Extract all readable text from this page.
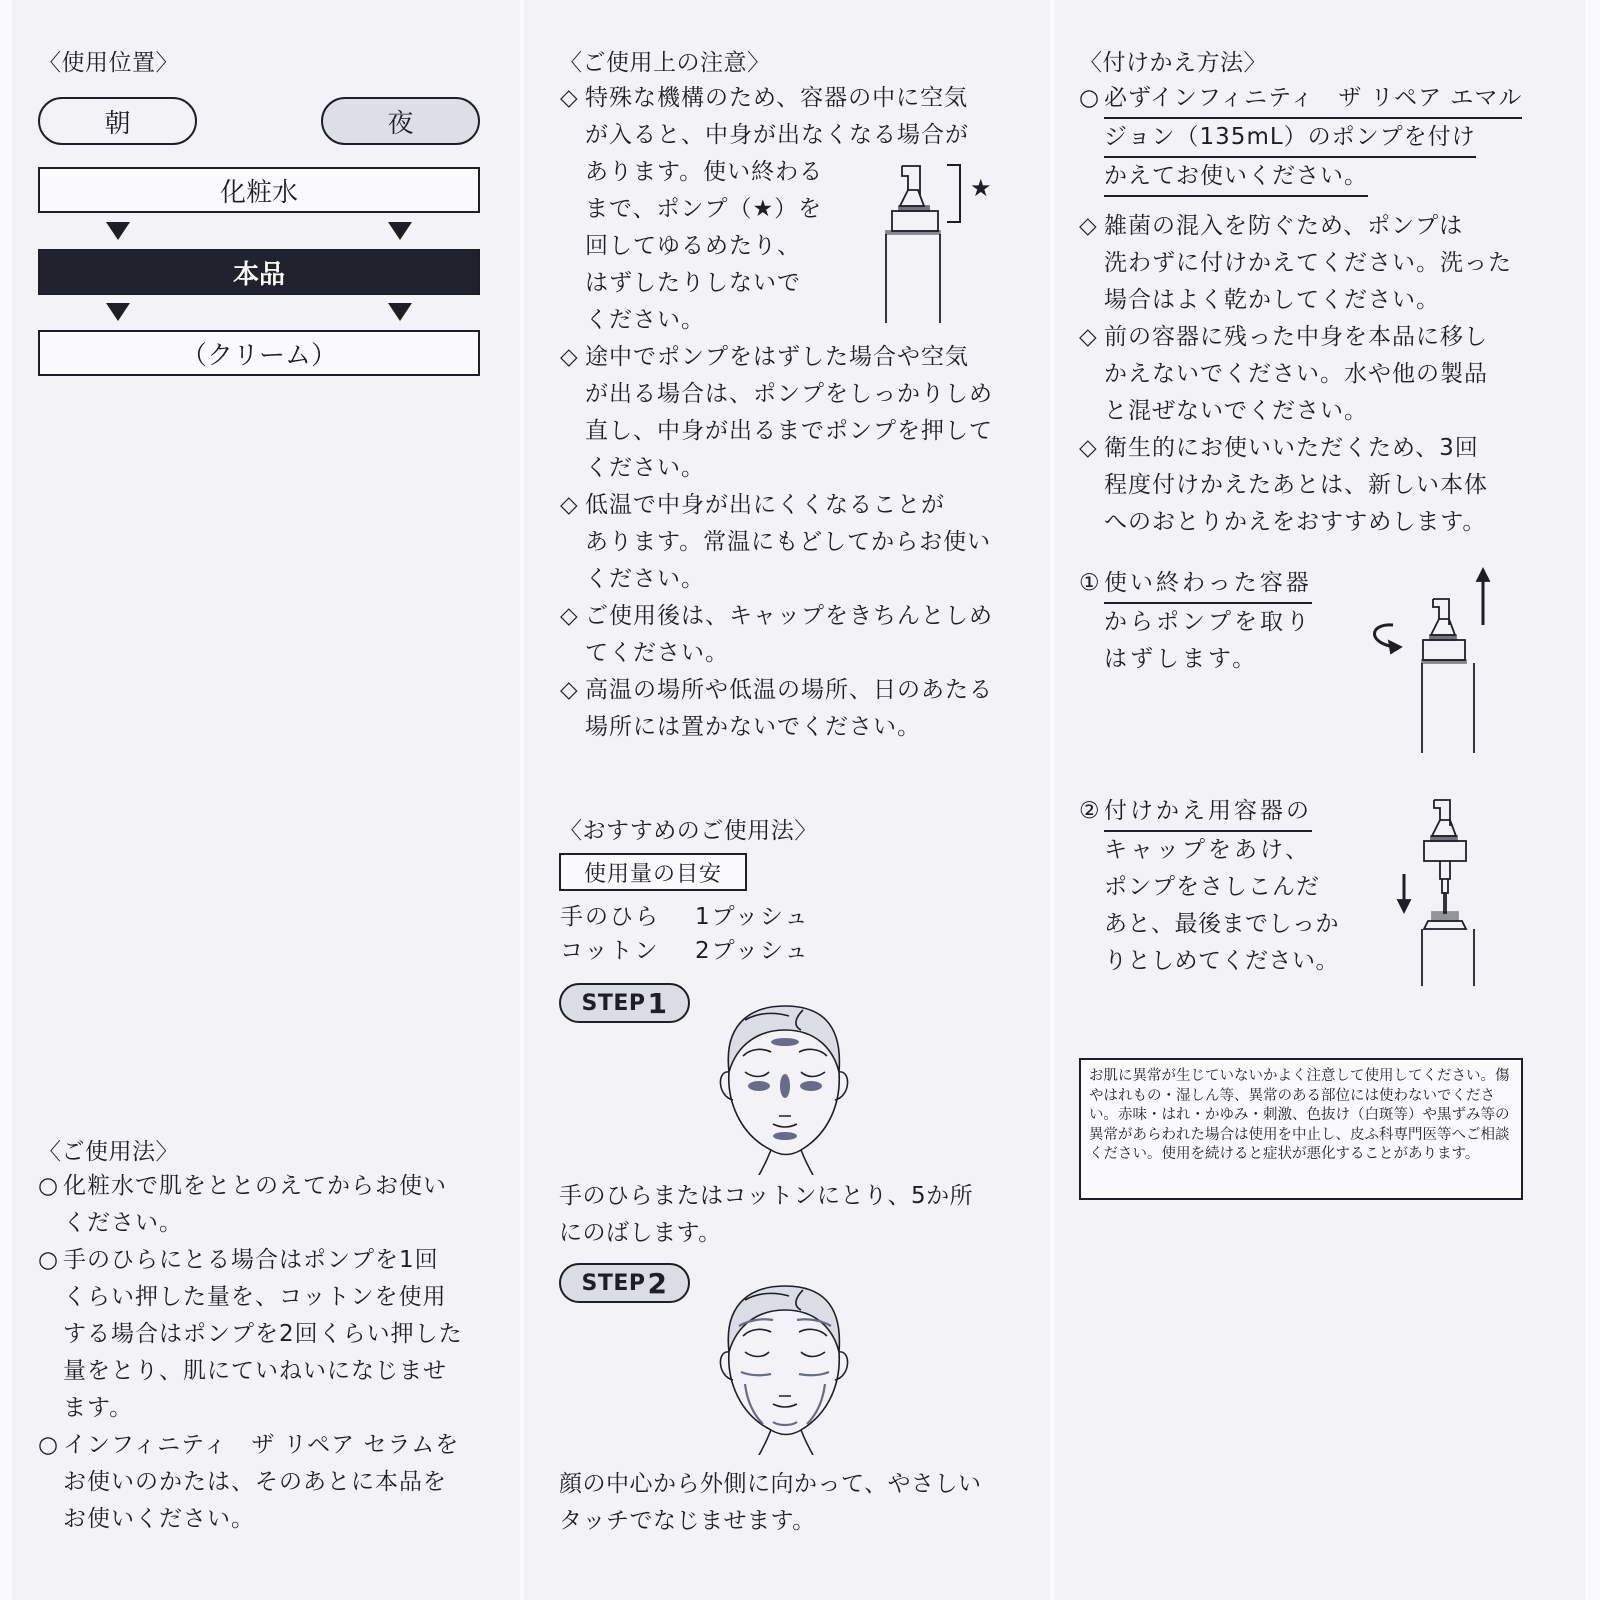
〈使用位置〉
朝	夜
化粧水
本品
（クリーム）
〈ご使用法〉
○ 化粧水で肌をととのえてからお使い
ください。
○ 手のひらにとる場合はポンプを1回
くらい押した量を、コットンを使用
する場合はポンプを2回くらい押した
量をとり、肌にていねいになじませ
ます。
○ インフィニティ　ザ リペア セラムを
お使いのかたは、そのあとに本品を
お使いください。
〈ご使用上の注意〉
◇ 特殊な機構のため、容器の中に空気
が入ると、中身が出なくなる場合が
あります。使い終わる
まで、ポンプ（★）を
回してゆるめたり、
はずしたりしないで
ください。
◇ 途中でポンプをはずした場合や空気
が出る場合は、ポンプをしっかりしめ
直し、中身が出るまでポンプを押して
ください。
◇ 低温で中身が出にくくなることが
あります。常温にもどしてからお使い
ください。
◇ ご使用後は、キャップをきちんとしめ
てください。
◇ 高温の場所や低温の場所、日のあたる
場所には置かないでください。
★
〈おすすめのご使用法〉
使用量の目安
手のひら 1プッシュ
コットン 2プッシュ
STEP 1
手のひらまたはコットンにとり、5か所
にのばします。
STEP 2
顔の中心から外側に向かって、やさしい
タッチでなじませます。
〈付けかえ方法〉
○ 必ずインフィニティ　ザ リペア エマル ジョン（135mL）のポンプを付け かえてお使いください。
◇ 雑菌の混入を防ぐため、ポンプは
洗わずに付けかえてください。洗った
場合はよく乾かしてください。
◇ 前の容器に残った中身を本品に移し
かえないでください。水や他の製品
と混ぜないでください。
◇ 衛生的にお使いいただくため、3回
程度付けかえたあとは、新しい本体
へのおとりかえをおすすめします。
① 使い終わった容器
からポンプを取り
はずします。
② 付けかえ用容器の
キャップをあけ、
ポンプをさしこんだ
あと、最後までしっか
りとしめてください。
お肌に異常が生じていないかよく注意して使用してください。傷やはれもの・湿しん等、異常のある部位には使わないでください。赤味・はれ・かゆみ・刺激、色抜け（白斑等）や黒ずみ等の異常があらわれた場合は使用を中止し、皮ふ科専門医等へご相談ください。使用を続けると症状が悪化することがあります。
